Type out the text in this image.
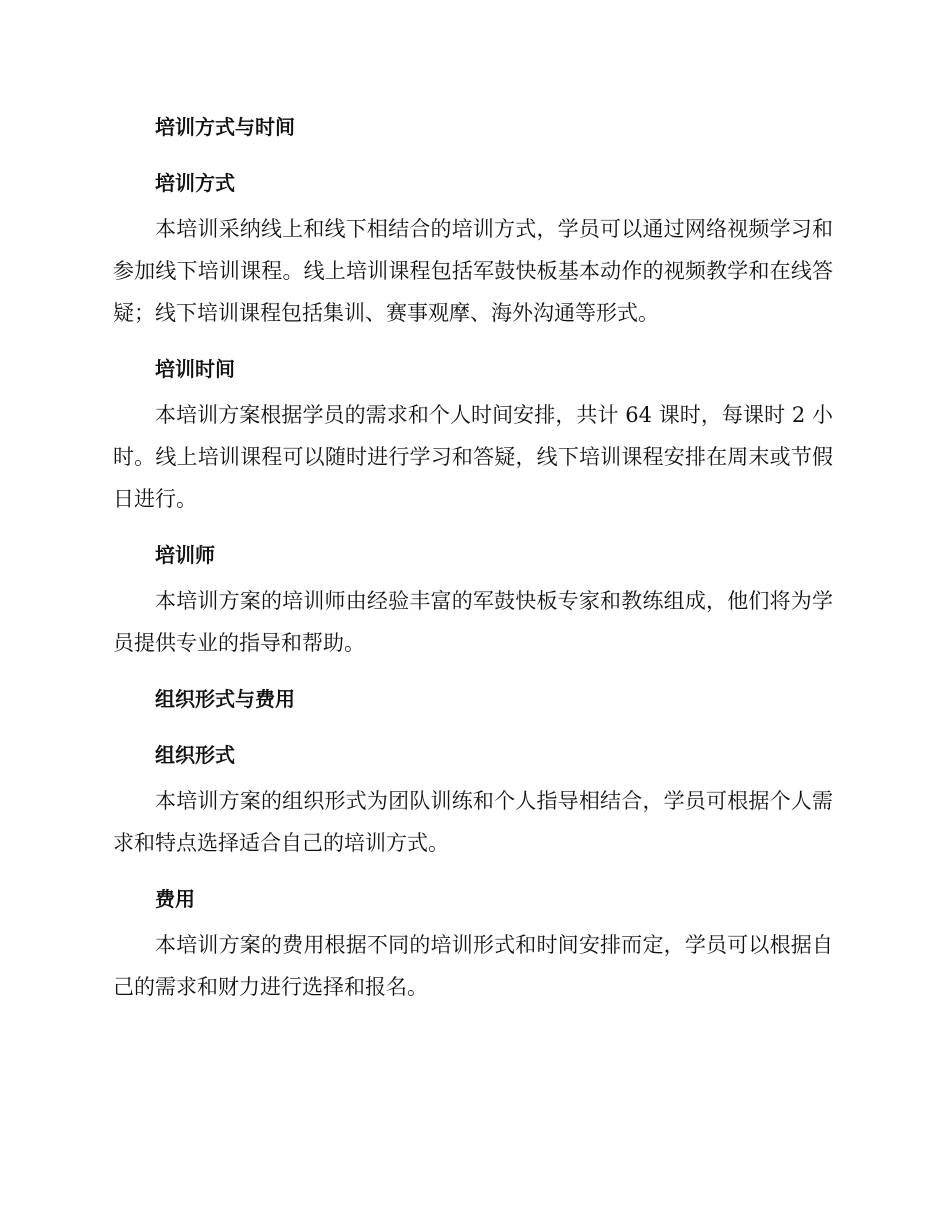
培训方式与时间
培训方式

本培训采纳线上和线下相结合的培训方式，学员可以通过网络视频学习和参加线下培训课程。线上培训课程包括军鼓快板基本动作的视频教学和在线答疑；线下培训课程包括集训、赛事观摩、海外沟通等形式。

培训时间

本培训方案根据学员的需求和个人时间安排，共计 64 课时，每课时 2 小时。线上培训课程可以随时进行学习和答疑，线下培训课程安排在周末或节假日进行。

培训师

本培训方案的培训师由经验丰富的军鼓快板专家和教练组成，他们将为学员提供专业的指导和帮助。

组织形式与费用
组织形式

本培训方案的组织形式为团队训练和个人指导相结合，学员可根据个人需求和特点选择适合自己的培训方式。

费用

本培训方案的费用根据不同的培训形式和时间安排而定，学员可以根据自己的需求和财力进行选择和报名。
